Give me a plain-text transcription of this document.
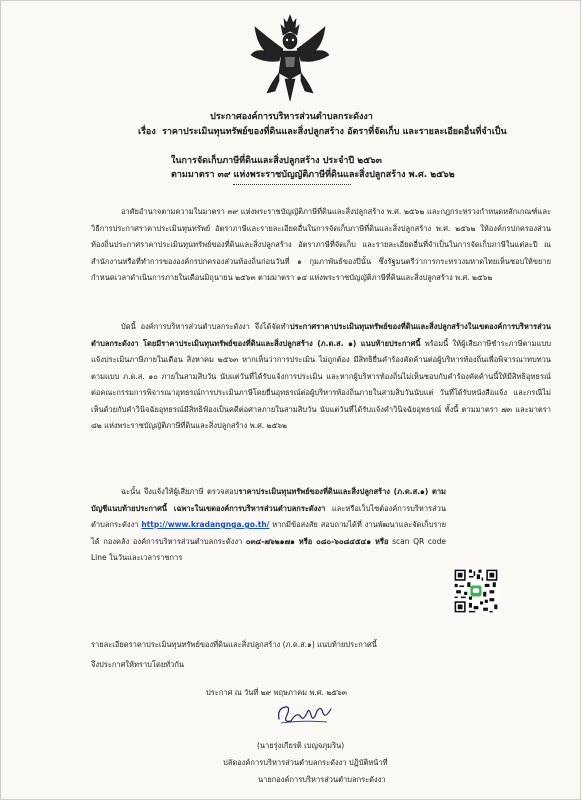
ประกาศองค์การบริหารส่วนตำบลกระดังงา
เรื่อง ราคาประเมินทุนทรัพย์ของที่ดินและสิ่งปลูกสร้าง อัตราที่จัดเก็บ และรายละเอียดอื่นที่จำเป็น
ในการจัดเก็บภาษีที่ดินและสิ่งปลูกสร้าง ประจำปี ๒๕๖๓
ตามมาตรา ๓๙ แห่งพระราชบัญญัติภาษีที่ดินและสิ่งปลูกสร้าง พ.ศ. ๒๕๖๒
อาศัยอำนาจตามความในมาตรา ๓๙ แห่งพระราชบัญญัติภาษีที่ดินและสิ่งปลูกสร้าง พ.ศ. ๒๕๖๒ และกฎกระทรวงกำหนดหลักเกณฑ์และวิธีการประกาศราคาประเมินทุนทรัพย์ อัตราภาษีและรายละเอียดอื่นในการจัดเก็บภาษีที่ดินและสิ่งปลูกสร้าง พ.ศ. ๒๕๖๒ ให้องค์กรปกครองส่วนท้องถิ่นประกาศราคาประเมินทุนทรัพย์ของที่ดินและสิ่งปลูกสร้าง อัตราภาษีที่จัดเก็บ และรายละเอียดอื่นที่จำเป็นในการจัดเก็บภาษีในแต่ละปี ณ สำนักงานหรือที่ทำการขององค์กรปกครองส่วนท้องถิ่นก่อนวันที่ ๑ กุมภาพันธ์ของปีนั้น ซึ่งรัฐมนตรีว่าการกระทรวงมหาดไทยเห็นชอบให้ขยายกำหนดเวลาดำเนินการภายในเดือนมิถุนายน ๒๕๖๓ ตามมาตรา ๑๔ แห่งพระราชบัญญัติภาษีที่ดินและสิ่งปลูกสร้าง พ.ศ. ๒๕๖๒
บัดนี้ องค์การบริหารส่วนตำบลกระดังงา จึงได้จัดทำประกาศราคาประเมินทุนทรัพย์ของที่ดินและสิ่งปลูกสร้างในเขตองค์การบริหารส่วนตำบลกระดังงา โดยมีราคาประเมินทุนทรัพย์ของที่ดินและสิ่งปลูกสร้าง (ภ.ด.ส. ๑) แนบท้ายประกาศนี้ พร้อมนี้ ให้ผู้เสียภาษีชำระภาษีตามแบบแจ้งประเมินภาษีภายในเดือน สิงหาคม ๒๕๖๓ หากเห็นว่าการประเมิน ไม่ถูกต้อง มีสิทธิยื่นคำร้องคัดค้านต่อผู้บริหารท้องถิ่นเพื่อพิจารณาทบทวนตามแบบ ภ.ด.ส. ๑๐ ภายในสามสิบวัน นับแต่วันที่ได้รับแจ้งการประเมิน และหากผู้บริหารท้องถิ่นไม่เห็นชอบกับคำร้องคัดค้านนี้ให้มีสิทธิอุทธรณ์ ต่อคณะกรรมการพิจารณาอุทธรณ์การประเมินภาษีโดยยื่นอุทธรณ์ต่อผู้บริหารท้องถิ่นภายในสามสิบวันนับแต่ วันที่ได้รับหนังสือแจ้ง และกรณีไม่เห็นด้วยกับคำวินิจฉัยอุทธรณ์มีสิทธิฟ้องเป็นคดีต่อศาลภายในสามสิบวัน นับแต่วันที่ได้รับแจ้งคำวินิจฉัยอุทธรณ์ ทั้งนี้ ตามมาตรา ๗๓ และมาตรา ๘๒ แห่งพระราชบัญญัติภาษีที่ดินและสิ่งปลูกสร้าง พ.ศ. ๒๕๖๒
ฉะนั้น จึงแจ้งให้ผู้เสียภาษี ตรวจสอบราคาประเมินทุนทรัพย์ของที่ดินและสิ่งปลูกสร้าง (ภ.ด.ส.๑) ตามบัญชีแนบท้ายประกาศนี้ เฉพาะในเขตองค์การบริหารส่วนตำบลกระดังงา และหรือเว็บไซต์องค์การบริหารส่วนตำบลกระดังงา http://www.kradangnga.go.th/ หากมีข้อสงสัย สอบถามได้ที่ งานพัฒนาและจัดเก็บรายได้ กองคลัง องค์การบริหารส่วนตำบลกระดังงา ๐๓๔-๗๖๒๑๗๑ หรือ ๐๘๐-๖๐๘๔๕๔๑ หรือ scan QR code Line ในวันและเวลาราชการ
รายละเอียดราคาประเมินทุนทรัพย์ของที่ดินและสิ่งปลูกสร้าง (ภ.ด.ส.๑) แนบท้ายประกาศนี้
จึงประกาศให้ทราบโดยทั่วกัน
ประกาศ ณ วันที่ ๒๙ พฤษภาคม พ.ศ. ๒๕๖๓
(นายรุ่งเกียรติ เบญจภุมริน)
ปลัดองค์การบริหารส่วนตำบลกระดังงา ปฏิบัติหน้าที่
นายกองค์การบริหารส่วนตำบลกระดังงา
